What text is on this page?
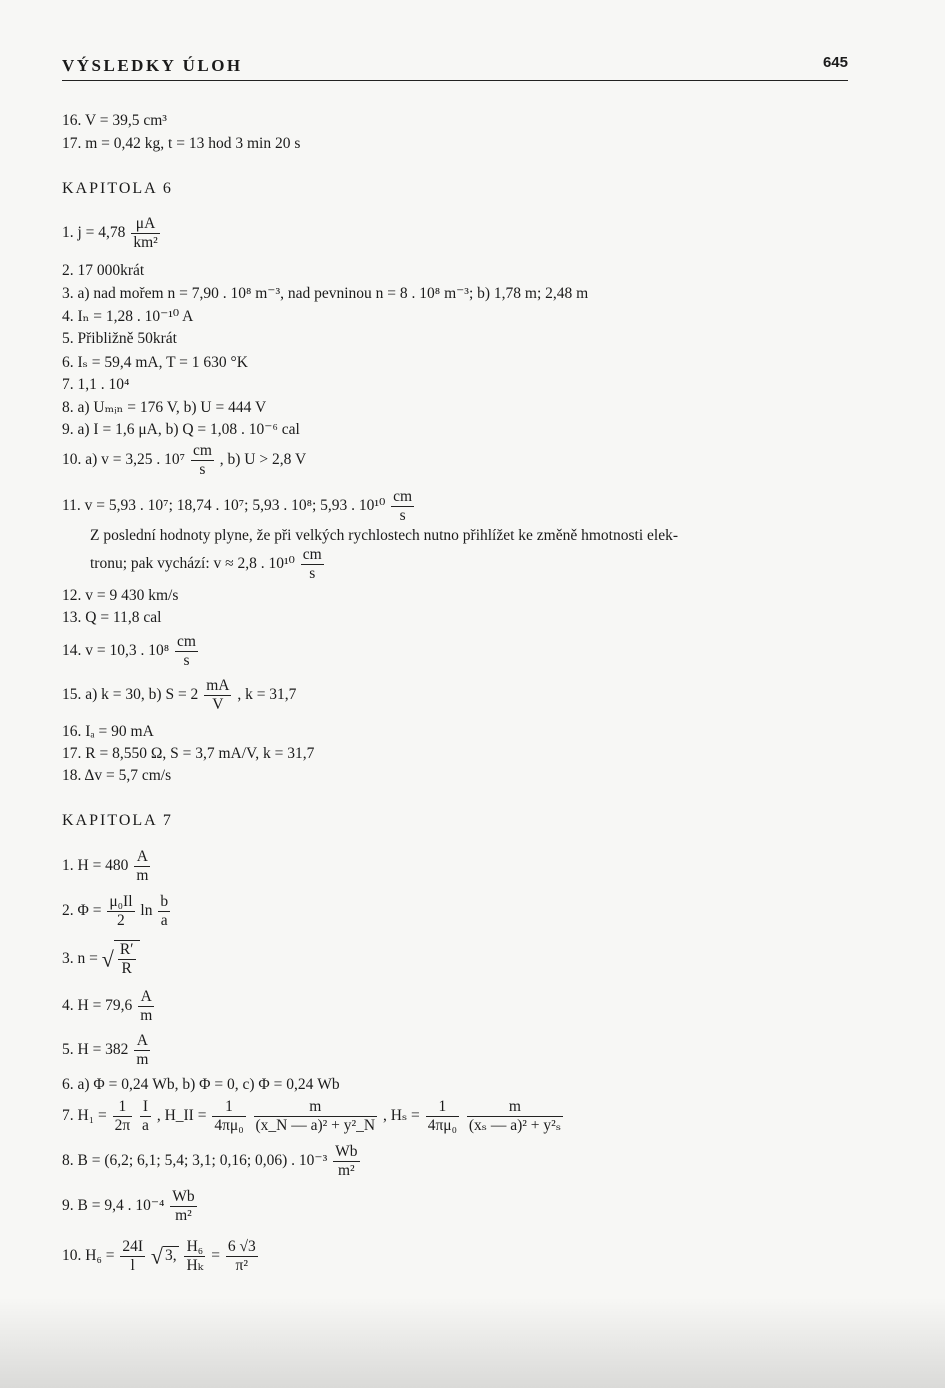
VÝSLEDKY ÚLOH	645
16. V = 39,5 cm³
17. m = 0,42 kg, t = 13 hod 3 min 20 s
KAPITOLA 6
1. $j = 4,78 \frac{\mu A}{\text{km²}}$
2. 17 000krát
3. a) nad mořem n = 7,90 . 10⁸ m⁻³, nad pevninou n = 8 . 10⁸ m⁻³; b) 1,78 m; 2,48 m
4. Iₙ = 1,28 . 10⁻¹⁰ A
5. Přibližně 50krát
6. Iₛ = 59,4 mA, T = 1 630 °K
7. 1,1 . 10⁴
8. a) Uₘᵢₙ = 176 V, b) U = 444 V
9. a) I = 1,6 μA, b) Q = 1,08 . 10⁻⁶ cal
10. a) v = 3,25 . $10^7 \frac{cm}{s}$ , b) U > 2,8 V
11. v = 5,93 . 10⁷; 18,74 . 10⁷; 5,93 . 10⁸; 5,93 . $10^{10} \frac{cm}{s}$
Z poslední hodnoty plyne, že při velkých rychlostech nutno přihlížet ke změně hmotnosti elek-
tronu; pak vychází: v ≈ 2,8 . $10^{10} \frac{cm}{s}$
12. v = 9 430 km/s
13. Q = 11,8 cal
14. v = 10,3 . $10^8 \frac{cm}{s}$
15. a) k = 30, b) $S = 2 \frac{mA}{V}$ , k = 31,7
16. Iₐ = 90 mA
17. R = 8,550 Ω, S = 3,7 mA/V, k = 31,7
18. Δv = 5,7 cm/s
KAPITOLA 7
1. $H = 480 \frac{A}{m}$
2. $\Phi = \frac{\text{μ₀Il}}{2}$ $\ln \frac{b}{a}$
3. n = √ $\frac{R'}{R}$
4. $H = 79,6 \frac{A}{m}$
5. $H = 382 \frac{A}{m}$
6. a) Φ = 0,24 Wb, b) Φ = 0, c) Φ = 0,24 Wb
7. $H_1 = \frac{1}{2\pi}$
$\frac{I}{a}$ , H_II = $\frac{1}{\text{4πμ₀}}$
$\frac{m}{\text{(x\_N — a)² + y²\_N}}$ , $H_s = \frac{1}{\text{4πμ₀}}$
$\frac{m}{\text{(xₛ — a)² + y²ₛ}}$
8. B = (6,2; 6,1; 5,4; 3,1; 0,16; 0,06) . $10^{-3} \frac{Wb}{\text{m²}}$
9. B = 9,4 . $10^{-4} \frac{Wb}{\text{m²}}$
10. $H_6 = \frac{24I}{l}$ √ 3, $\frac{\text{H₆}}{\text{Hₖ}} = \frac{6 √3}{\text{π²}}$
